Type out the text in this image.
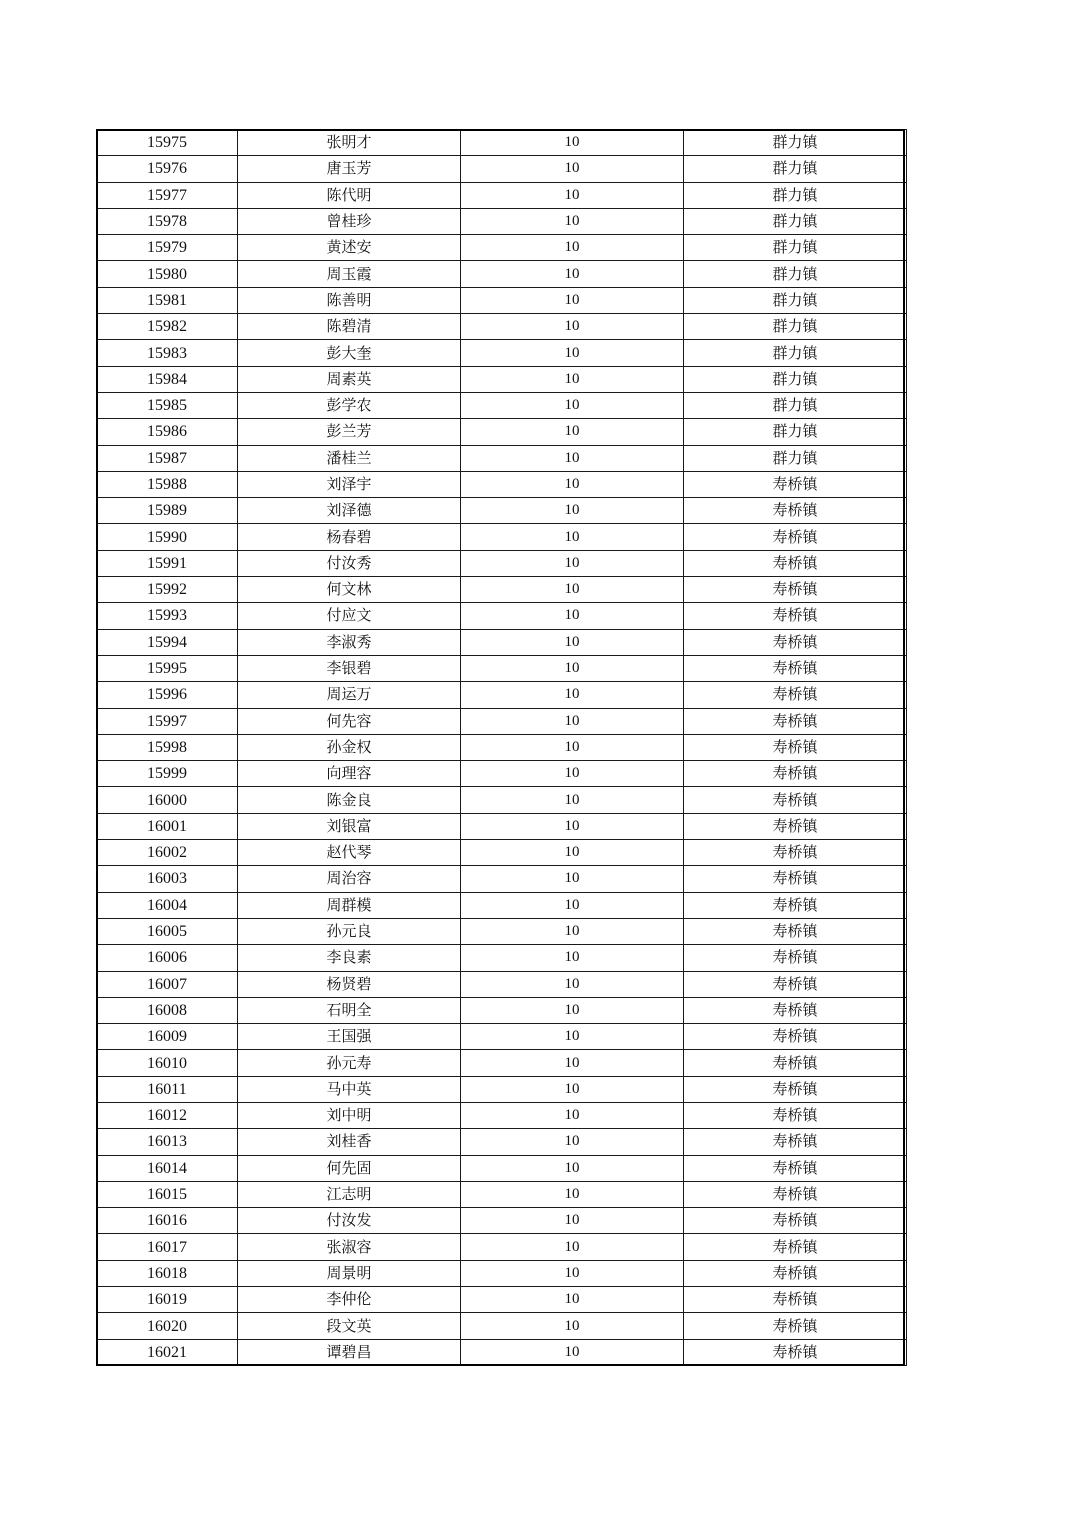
15975	张明才	10	群力镇
15976	唐玉芳	10	群力镇
15977	陈代明	10	群力镇
15978	曾桂珍	10	群力镇
15979	黄述安	10	群力镇
15980	周玉霞	10	群力镇
15981	陈善明	10	群力镇
15982	陈碧清	10	群力镇
15983	彭大奎	10	群力镇
15984	周素英	10	群力镇
15985	彭学农	10	群力镇
15986	彭兰芳	10	群力镇
15987	潘桂兰	10	群力镇
15988	刘泽宇	10	寿桥镇
15989	刘泽德	10	寿桥镇
15990	杨春碧	10	寿桥镇
15991	付汝秀	10	寿桥镇
15992	何文林	10	寿桥镇
15993	付应文	10	寿桥镇
15994	李淑秀	10	寿桥镇
15995	李银碧	10	寿桥镇
15996	周运万	10	寿桥镇
15997	何先容	10	寿桥镇
15998	孙金权	10	寿桥镇
15999	向理容	10	寿桥镇
16000	陈金良	10	寿桥镇
16001	刘银富	10	寿桥镇
16002	赵代琴	10	寿桥镇
16003	周治容	10	寿桥镇
16004	周群模	10	寿桥镇
16005	孙元良	10	寿桥镇
16006	李良素	10	寿桥镇
16007	杨贤碧	10	寿桥镇
16008	石明全	10	寿桥镇
16009	王国强	10	寿桥镇
16010	孙元寿	10	寿桥镇
16011	马中英	10	寿桥镇
16012	刘中明	10	寿桥镇
16013	刘桂香	10	寿桥镇
16014	何先固	10	寿桥镇
16015	江志明	10	寿桥镇
16016	付汝发	10	寿桥镇
16017	张淑容	10	寿桥镇
16018	周景明	10	寿桥镇
16019	李仲伦	10	寿桥镇
16020	段文英	10	寿桥镇
16021	谭碧昌	10	寿桥镇
